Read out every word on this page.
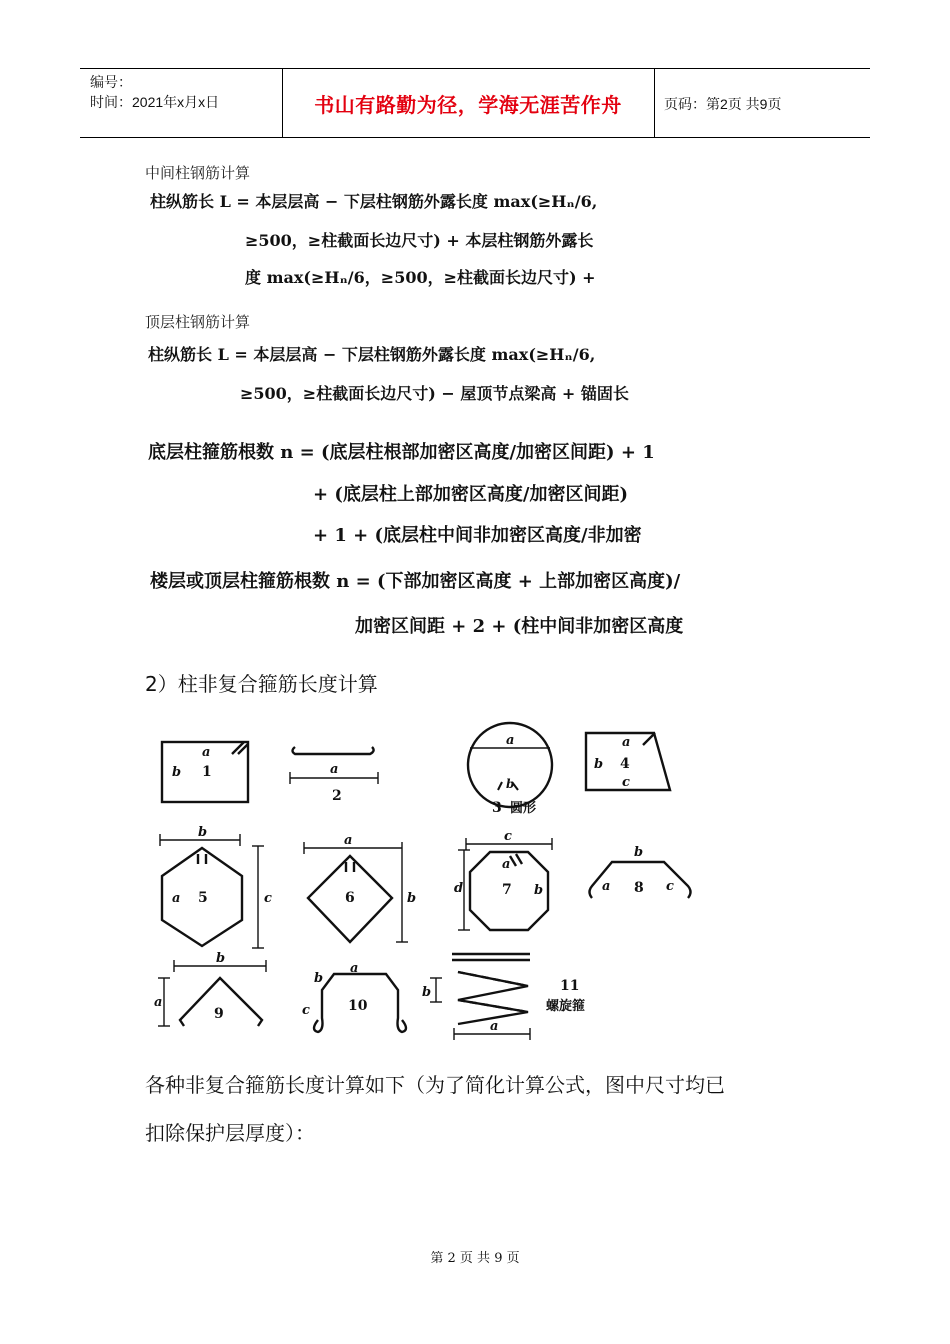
编号：
时间：2021年x月x日	书山有路勤为径，学海无涯苦作舟	页码：第2页 共9页
中间柱钢筋计算
柱纵筋长 L = 本层层高 − 下层柱钢筋外露长度 max(≥Hₙ/6,
≥500，≥柱截面长边尺寸) + 本层柱钢筋外露长
度 max(≥Hₙ/6，≥500，≥柱截面长边尺寸) +
顶层柱钢筋计算
柱纵筋长 L = 本层层高 − 下层柱钢筋外露长度 max(≥Hₙ/6,
≥500，≥柱截面长边尺寸) − 屋顶节点梁高 + 锚固长
底层柱箍筋根数 n = (底层柱根部加密区高度/加密区间距) + 1
+ (底层柱上部加密区高度/加密区间距)
+ 1 + (底层柱中间非加密区高度/非加密
楼层或顶层柱箍筋根数 n = (下部加密区高度 + 上部加密区高度)/
加密区间距 + 2 + (柱中间非加密区高度
2）柱非复合箍筋长度计算
a
b 1	a
2
a
b
3 圆形
a
b 4
c
b
a 5	c
a
6	b
c
d
a
7 b
b
a 8 c
b
a
9
b
a
c	10
b
a
11
螺旋箍
各种非复合箍筋长度计算如下（为了简化计算公式，图中尺寸均已
扣除保护层厚度）：
第 2 页 共 9 页
